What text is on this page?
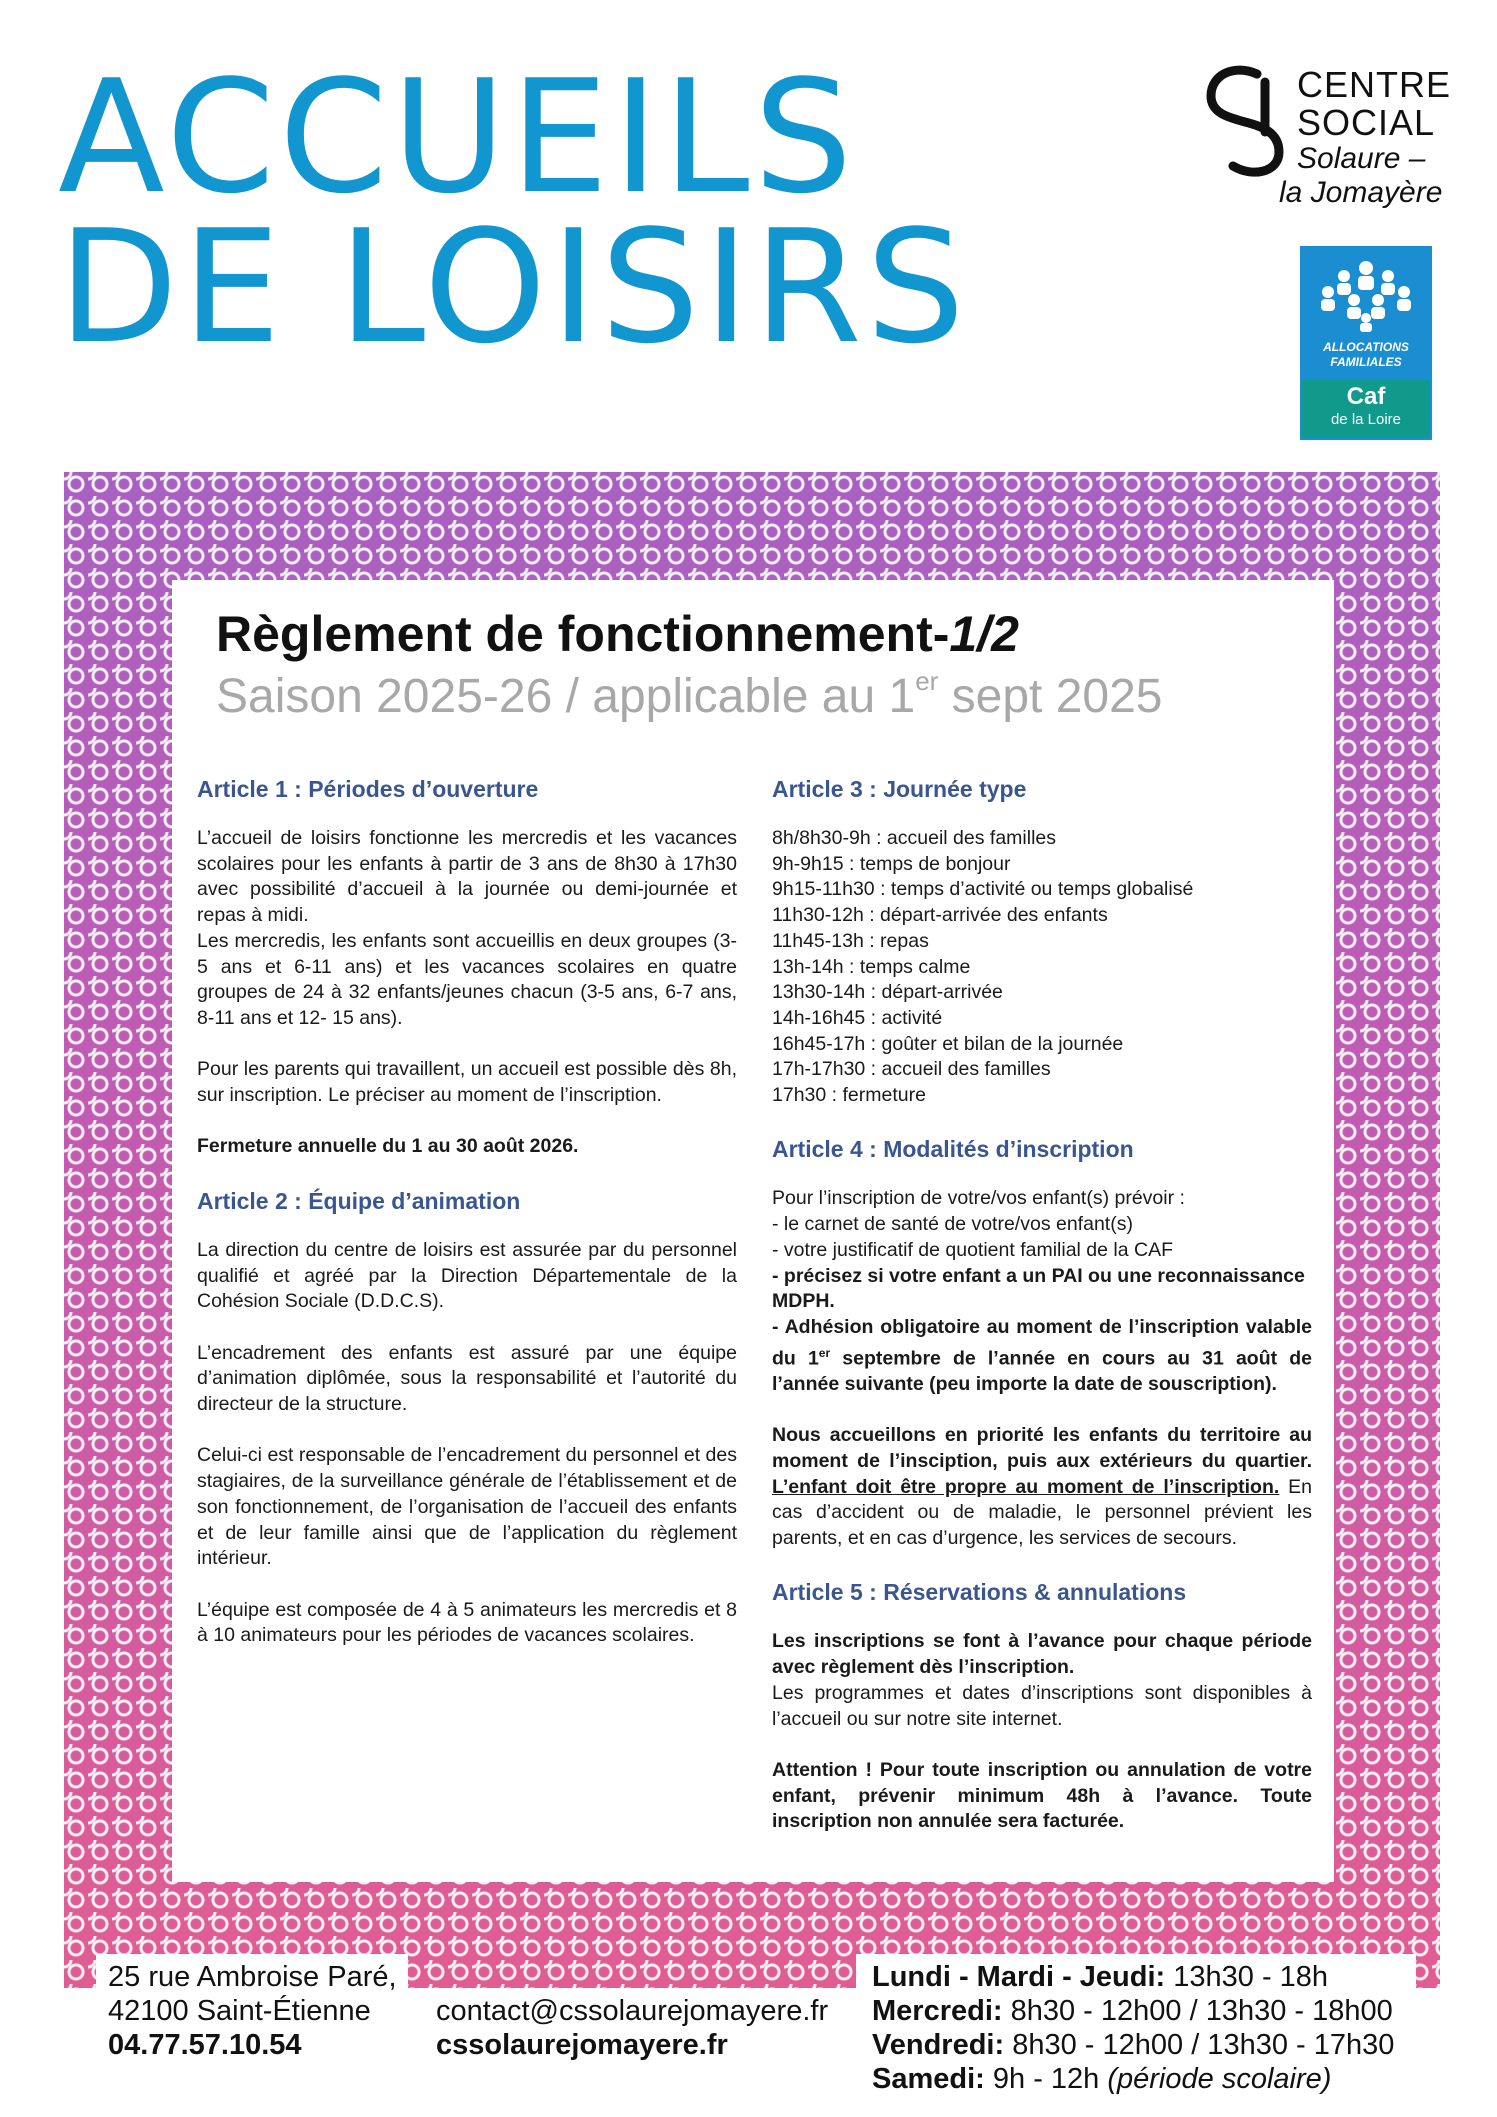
ACCUEILS
DE LOISIRS
CENTRE
SOCIAL
Solaure –
la Jomayère
ALLOCATIONS
FAMILIALES
Caf
de la Loire
Règlement de fonctionnement-1/2
Saison 2025-26 / applicable au 1er sept 2025
Article 1 : Périodes d’ouverture
L’accueil de loisirs fonctionne les mercredis et les vacances scolaires pour les enfants à partir de 3 ans de 8h30 à 17h30 avec possibilité d’accueil à la journée ou demi-journée et repas à midi.
Les mercredis, les enfants sont accueillis en deux groupes (3-5 ans et 6-11 ans) et les vacances scolaires en quatre groupes de 24 à 32 enfants/jeunes chacun (3-5 ans, 6-7 ans, 8-11 ans et 12- 15 ans).
Pour les parents qui travaillent, un accueil est possible dès 8h, sur inscription. Le préciser au moment de l’inscription.
Fermeture annuelle du 1 au 30 août 2026.
Article 2 : Équipe d’animation
La direction du centre de loisirs est assurée par du personnel qualifié et agréé par la Direction Départementale de la Cohésion Sociale (D.D.C.S).
L’encadrement des enfants est assuré par une équipe d’animation diplômée, sous la responsabilité et l’autorité du directeur de la structure.
Celui-ci est responsable de l’encadrement du personnel et des stagiaires, de la surveillance générale de l’établissement et de son fonctionnement, de l’organisation de l’accueil des enfants et de leur famille ainsi que de l’application du règlement intérieur.
L’équipe est composée de 4 à 5 animateurs les mercredis et 8 à 10 animateurs pour les périodes de vacances scolaires.
Article 3 : Journée type
8h/8h30-9h : accueil des familles
9h-9h15 : temps de bonjour
9h15-11h30 : temps d’activité ou temps globalisé
11h30-12h : départ-arrivée des enfants
11h45-13h : repas
13h-14h : temps calme
13h30-14h : départ-arrivée
14h-16h45 : activité
16h45-17h : goûter et bilan de la journée
17h-17h30 : accueil des familles
17h30 : fermeture
Article 4 : Modalités d’inscription
Pour l’inscription de votre/vos enfant(s) prévoir :
- le carnet de santé de votre/vos enfant(s)
- votre justificatif de quotient familial de la CAF
- précisez si votre enfant a un PAI ou une reconnaissance MDPH.
- Adhésion obligatoire au moment de l’inscription valable du 1er septembre de l’année en cours au 31 août de l’année suivante (peu importe la date de souscription).
Nous accueillons en priorité les enfants du territoire au moment de l’insciption, puis aux extérieurs du quartier. L’enfant doit être propre au moment de l’inscription. En cas d’accident ou de maladie, le personnel prévient les parents, et en cas d’urgence, les services de secours.
Article 5 : Réservations & annulations
Les inscriptions se font à l’avance pour chaque période avec règlement dès l’inscription.
Les programmes et dates d’inscriptions sont disponibles à l’accueil ou sur notre site internet.
Attention ! Pour toute inscription ou annulation de votre enfant, prévenir minimum 48h à l’avance. Toute inscription non annulée sera facturée.
25 rue Ambroise Paré,
42100 Saint-Étienne
04.77.57.10.54
contact@cssolaurejomayere.fr
cssolaurejomayere.fr
Lundi - Mardi - Jeudi: 13h30 - 18h
Mercredi: 8h30 - 12h00 / 13h30 - 18h00
Vendredi: 8h30 - 12h00 / 13h30 - 17h30
Samedi: 9h - 12h (période scolaire)
